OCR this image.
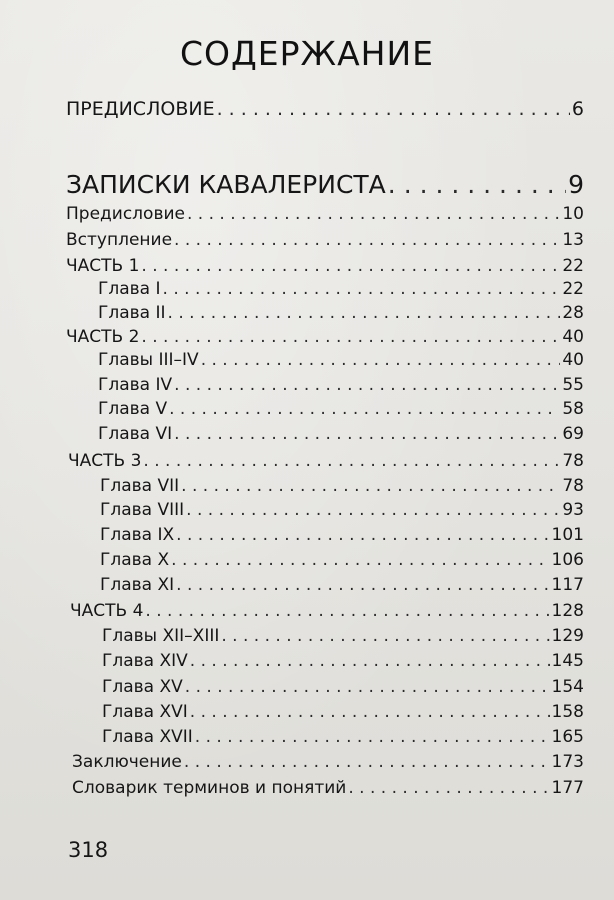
СОДЕРЖАНИЕ
ПРЕДИСЛОВИЕ . . .	6
ЗАПИСКИ КАВАЛЕРИСТА . . .	9
Предисловие . . .	10
Вступление . . .	13
ЧАСТЬ 1 . . .	22
Глава I . . .	22
Глава II . . .	28
ЧАСТЬ 2 . . .	40
Главы III–IV . . .	40
Глава IV . . .	55
Глава V . . .	58
Глава VI . . .	69
ЧАСТЬ 3 . . .	78
Глава VII . . .	78
Глава VIII . . .	93
Глава IX . . .	101
Глава X . . .	106
Глава XI . . .	117
ЧАСТЬ 4 . . .	128
Главы XII–XIII . . .	129
Глава XIV . . .	145
Глава XV . . .	154
Глава XVI . . .	158
Глава XVII . . .	165
Заключение . . .	173
Словарик терминов и понятий . . .	177
318
